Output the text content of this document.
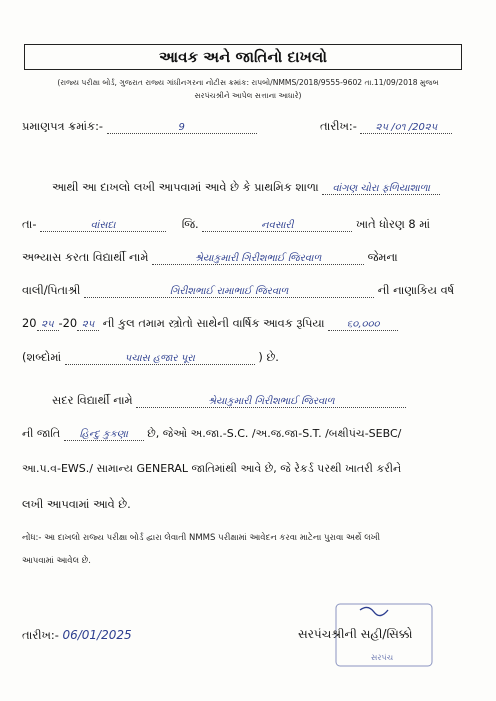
આવક અને જાતિનો દાખલો
(રાજ્ય પરીક્ષા બોર્ડ, ગુજરાત રાજ્ય ગાંધીનગરના નોટીસ ક્રમાંક: રાપબો/NMMS/2018/9555-9602 તા.11/09/2018 મુજબ
સરપંચશ્રીને આપેલ સત્તાના આધારે)
પ્રમાણપત્ર ક્રમાંક:-	9	તારીખ:- ૨૫ /૦૧ /20૨૫
આથી આ દાખલો લખી આપવામાં આવે છે કે પ્રાથમિક શાળા વાંગણ ચોરા ફળિયાશાળા
તા-	વાંસદા	જિ.	નવસારી	ખાતે ધોરણ 8 માં
અભ્યાસ કરતા વિદ્યાર્થી નામે	શ્રેયાકુમારી ગિરીશભાઈ જિરવાળ	જેમના
વાલી/પિતાશ્રી	ગિરીશભાઈ રામાભાઈ જિરવાળ	ની નાણાકિય વર્ષ
20 ૨૫ -20 ૨૫ ની કુલ તમામ સ્ત્રોતો સાથેની વાર્ષિક આવક રૂપિયા ૬૦,૦૦૦
(શબ્દોમાં	પચાસ હજાર પૂરા	) છે.
સદર વિદ્યાર્થી નામે	શ્રેયાકુમારી ગિરીશભાઈ જિરવાળ
ની જાતિ હિન્દુ કુકણા છે, જેઓ અ.જા.-S.C. /અ.જ.જા-S.T. /બક્ષીપંચ-SEBC/
આ.પ.વ-EWS./ સામાન્ય GENERAL જાતિમાંથી આવે છે, જે રેકર્ડ પરથી ખાતરી કરીને
લખી આપવામાં આવે છે.
નોંધ:- આ દાખલો રાજ્ય પરીક્ષા બોર્ડ દ્વારા લેવાતી NMMS પરીક્ષામાં આવેદન કરવા માટેના પુરાવા અર્થે લખી
આપવામાં આવેલ છે.
તારીખ:- 06/01/2025
સરપંચ
સરપંચશ્રીની સહી/સિક્કો
